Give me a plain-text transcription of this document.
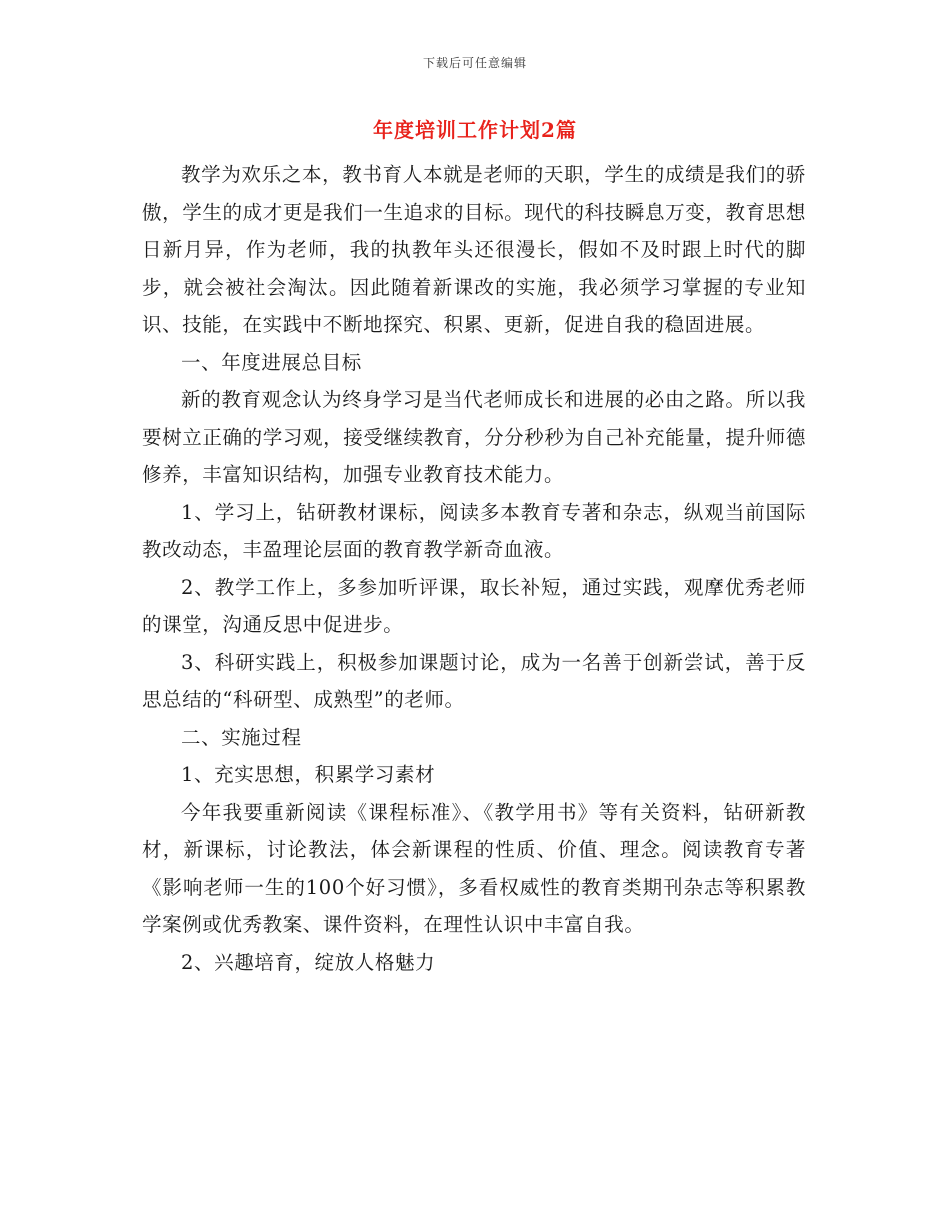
下载后可任意编辑
年度培训工作计划2篇

教学为欢乐之本，教书育人本就是老师的天职，学生的成绩是我们的骄傲，学生的成才更是我们一生追求的目标。现代的科技瞬息万变，教育思想日新月异，作为老师，我的执教年头还很漫长，假如不及时跟上时代的脚步，就会被社会淘汰。因此随着新课改的实施，我必须学习掌握的专业知识、技能，在实践中不断地探究、积累、更新，促进自我的稳固进展。

一、年度进展总目标

新的教育观念认为终身学习是当代老师成长和进展的必由之路。所以我要树立正确的学习观，接受继续教育，分分秒秒为自己补充能量，提升师德修养，丰富知识结构，加强专业教育技术能力。

1、学习上，钻研教材课标，阅读多本教育专著和杂志，纵观当前国际教改动态，丰盈理论层面的教育教学新奇血液。

2、教学工作上，多参加听评课，取长补短，通过实践，观摩优秀老师的课堂，沟通反思中促进步。

3、科研实践上，积极参加课题讨论，成为一名善于创新尝试，善于反思总结的“科研型、成熟型”的老师。

二、实施过程

1、充实思想，积累学习素材

今年我要重新阅读《课程标准》、《教学用书》等有关资料，钻研新教材，新课标，讨论教法，体会新课程的性质、价值、理念。阅读教育专著《影响老师一生的100个好习惯》，多看权威性的教育类期刊杂志等积累教学案例或优秀教案、课件资料，在理性认识中丰富自我。

2、兴趣培育，绽放人格魅力
